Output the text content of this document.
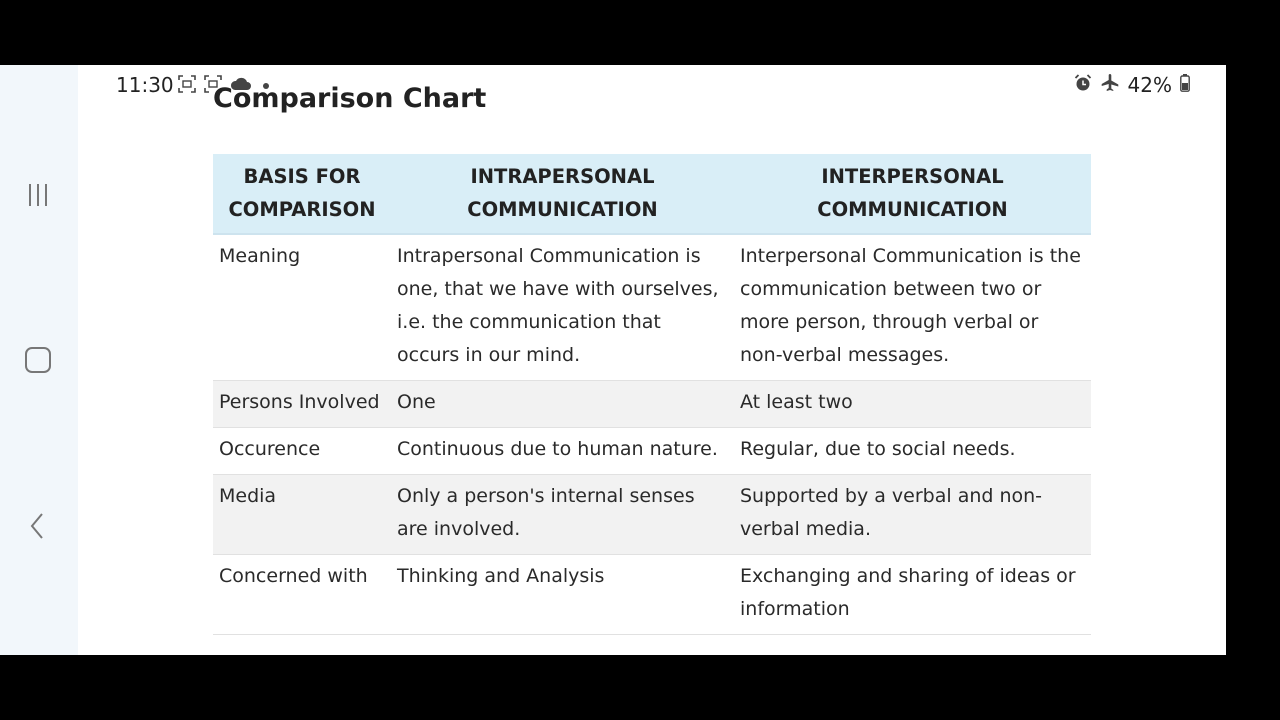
11:30	42%
Comparison Chart
BASIS FOR COMPARISON	INTRAPERSONAL COMMUNICATION	INTERPERSONAL COMMUNICATION
Meaning	Intrapersonal Communication is one, that we have with ourselves, i.e. the communication that occurs in our mind.	Interpersonal Communication is the communication between two or more person, through verbal or non-verbal messages.
Persons Involved	One	At least two
Occurence	Continuous due to human nature.	Regular, due to social needs.
Media	Only a person's internal senses are involved.	Supported by a verbal and non-verbal media.
Concerned with	Thinking and Analysis	Exchanging and sharing of ideas or information
